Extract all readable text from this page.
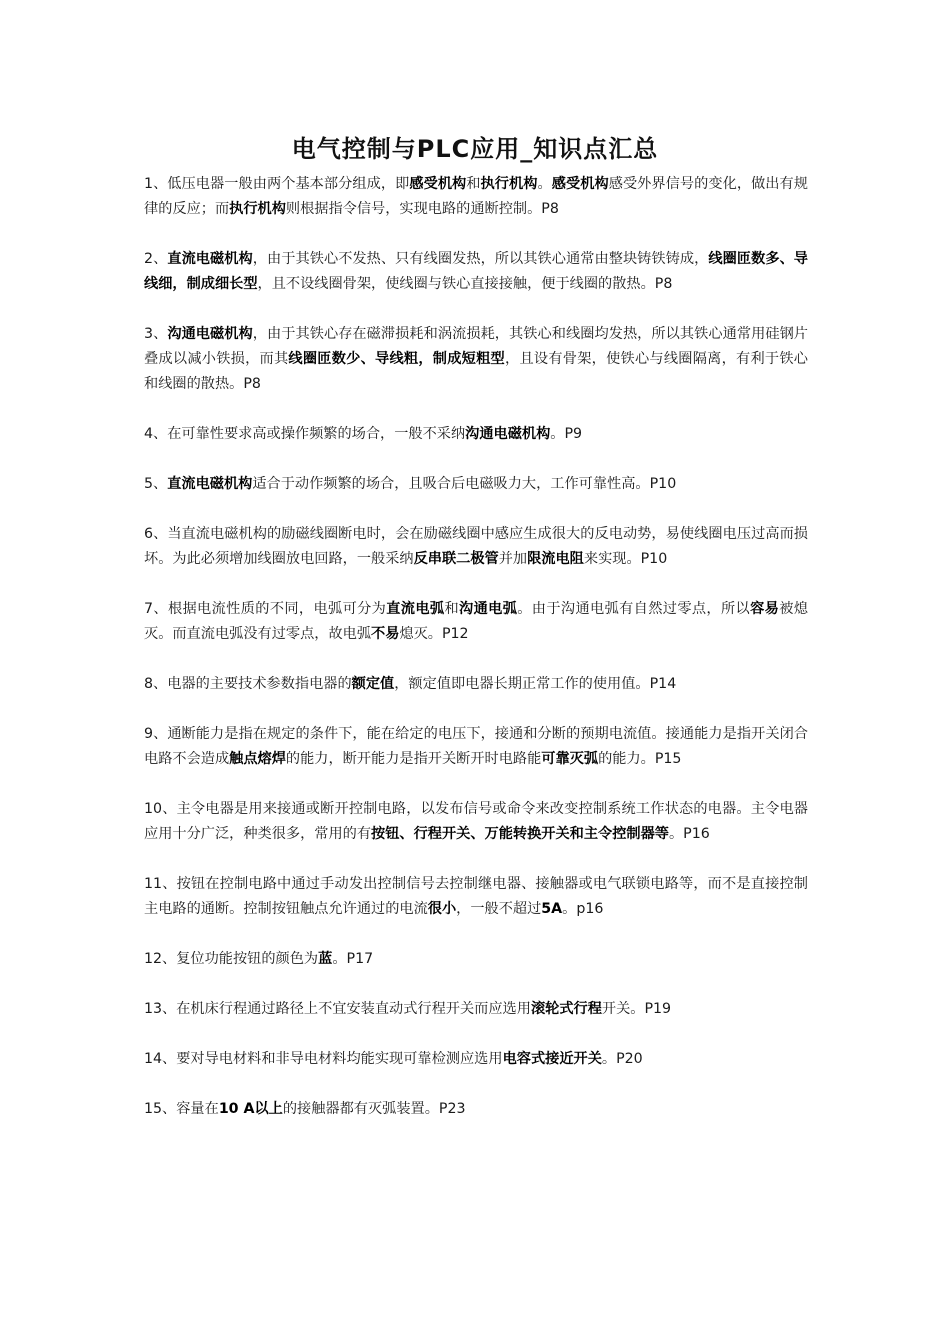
电气控制与PLC应用_知识点汇总

1、低压电器一般由两个基本部分组成，即感受机构和执行机构。感受机构感受外界信号的变化，做出有规律的反应；而执行机构则根据指令信号，实现电路的通断控制。P8

2、直流电磁机构，由于其铁心不发热、只有线圈发热，所以其铁心通常由整块铸铁铸成，线圈匝数多、导线细，制成细长型，且不设线圈骨架，使线圈与铁心直接接触，便于线圈的散热。P8

3、沟通电磁机构，由于其铁心存在磁滞损耗和涡流损耗，其铁心和线圈均发热，所以其铁心通常用硅钢片叠成以减小铁损，而其线圈匝数少、导线粗，制成短粗型，且设有骨架，使铁心与线圈隔离，有利于铁心和线圈的散热。P8

4、在可靠性要求高或操作频繁的场合，一般不采纳沟通电磁机构。P9

5、直流电磁机构适合于动作频繁的场合，且吸合后电磁吸力大，工作可靠性高。P10

6、当直流电磁机构的励磁线圈断电时，会在励磁线圈中感应生成很大的反电动势，易使线圈电压过高而损坏。为此必须增加线圈放电回路，一般采纳反串联二极管并加限流电阻来实现。P10

7、根据电流性质的不同，电弧可分为直流电弧和沟通电弧。由于沟通电弧有自然过零点，所以容易被熄灭。而直流电弧没有过零点，故电弧不易熄灭。P12

8、电器的主要技术参数指电器的额定值，额定值即电器长期正常工作的使用值。P14

9、通断能力是指在规定的条件下，能在给定的电压下，接通和分断的预期电流值。接通能力是指开关闭合电路不会造成触点熔焊的能力，断开能力是指开关断开时电路能可靠灭弧的能力。P15

10、主令电器是用来接通或断开控制电路，以发布信号或命令来改变控制系统工作状态的电器。主令电器应用十分广泛，种类很多，常用的有按钮、行程开关、万能转换开关和主令控制器等。P16

11、按钮在控制电路中通过手动发出控制信号去控制继电器、接触器或电气联锁电路等，而不是直接控制主电路的通断。控制按钮触点允许通过的电流很小，一般不超过5A。p16

12、复位功能按钮的颜色为蓝。P17

13、在机床行程通过路径上不宜安装直动式行程开关而应选用滚轮式行程开关。P19

14、要对导电材料和非导电材料均能实现可靠检测应选用电容式接近开关。P20

15、容量在10 A以上的接触器都有灭弧装置。P23
